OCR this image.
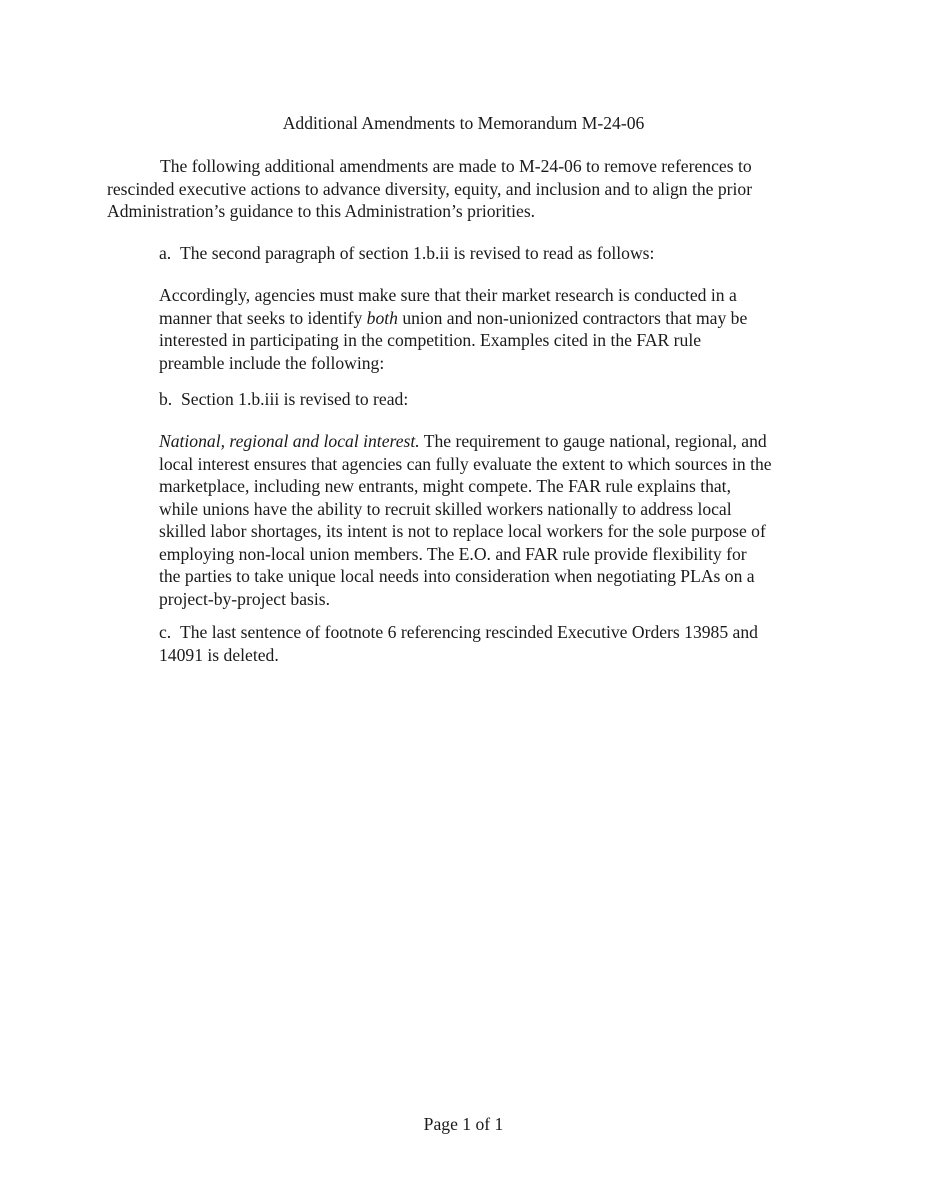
Additional Amendments to Memorandum M-24-06

The following additional amendments are made to M-24-06 to remove references to rescinded executive actions to advance diversity, equity, and inclusion and to align the prior Administration’s guidance to this Administration’s priorities.

a. The second paragraph of section 1.b.ii is revised to read as follows:

Accordingly, agencies must make sure that their market research is conducted in a
manner that seeks to identify both union and non-unionized contractors that may be
interested in participating in the competition. Examples cited in the FAR rule
preamble include the following:

b. Section 1.b.iii is revised to read:

National, regional and local interest. The requirement to gauge national, regional, and
local interest ensures that agencies can fully evaluate the extent to which sources in the
marketplace, including new entrants, might compete. The FAR rule explains that,
while unions have the ability to recruit skilled workers nationally to address local
skilled labor shortages, its intent is not to replace local workers for the sole purpose of
employing non-local union members. The E.O. and FAR rule provide flexibility for
the parties to take unique local needs into consideration when negotiating PLAs on a
project-by-project basis.
c. The last sentence of footnote 6 referencing rescinded Executive Orders 13985 and
14091 is deleted.

Page 1 of 1
